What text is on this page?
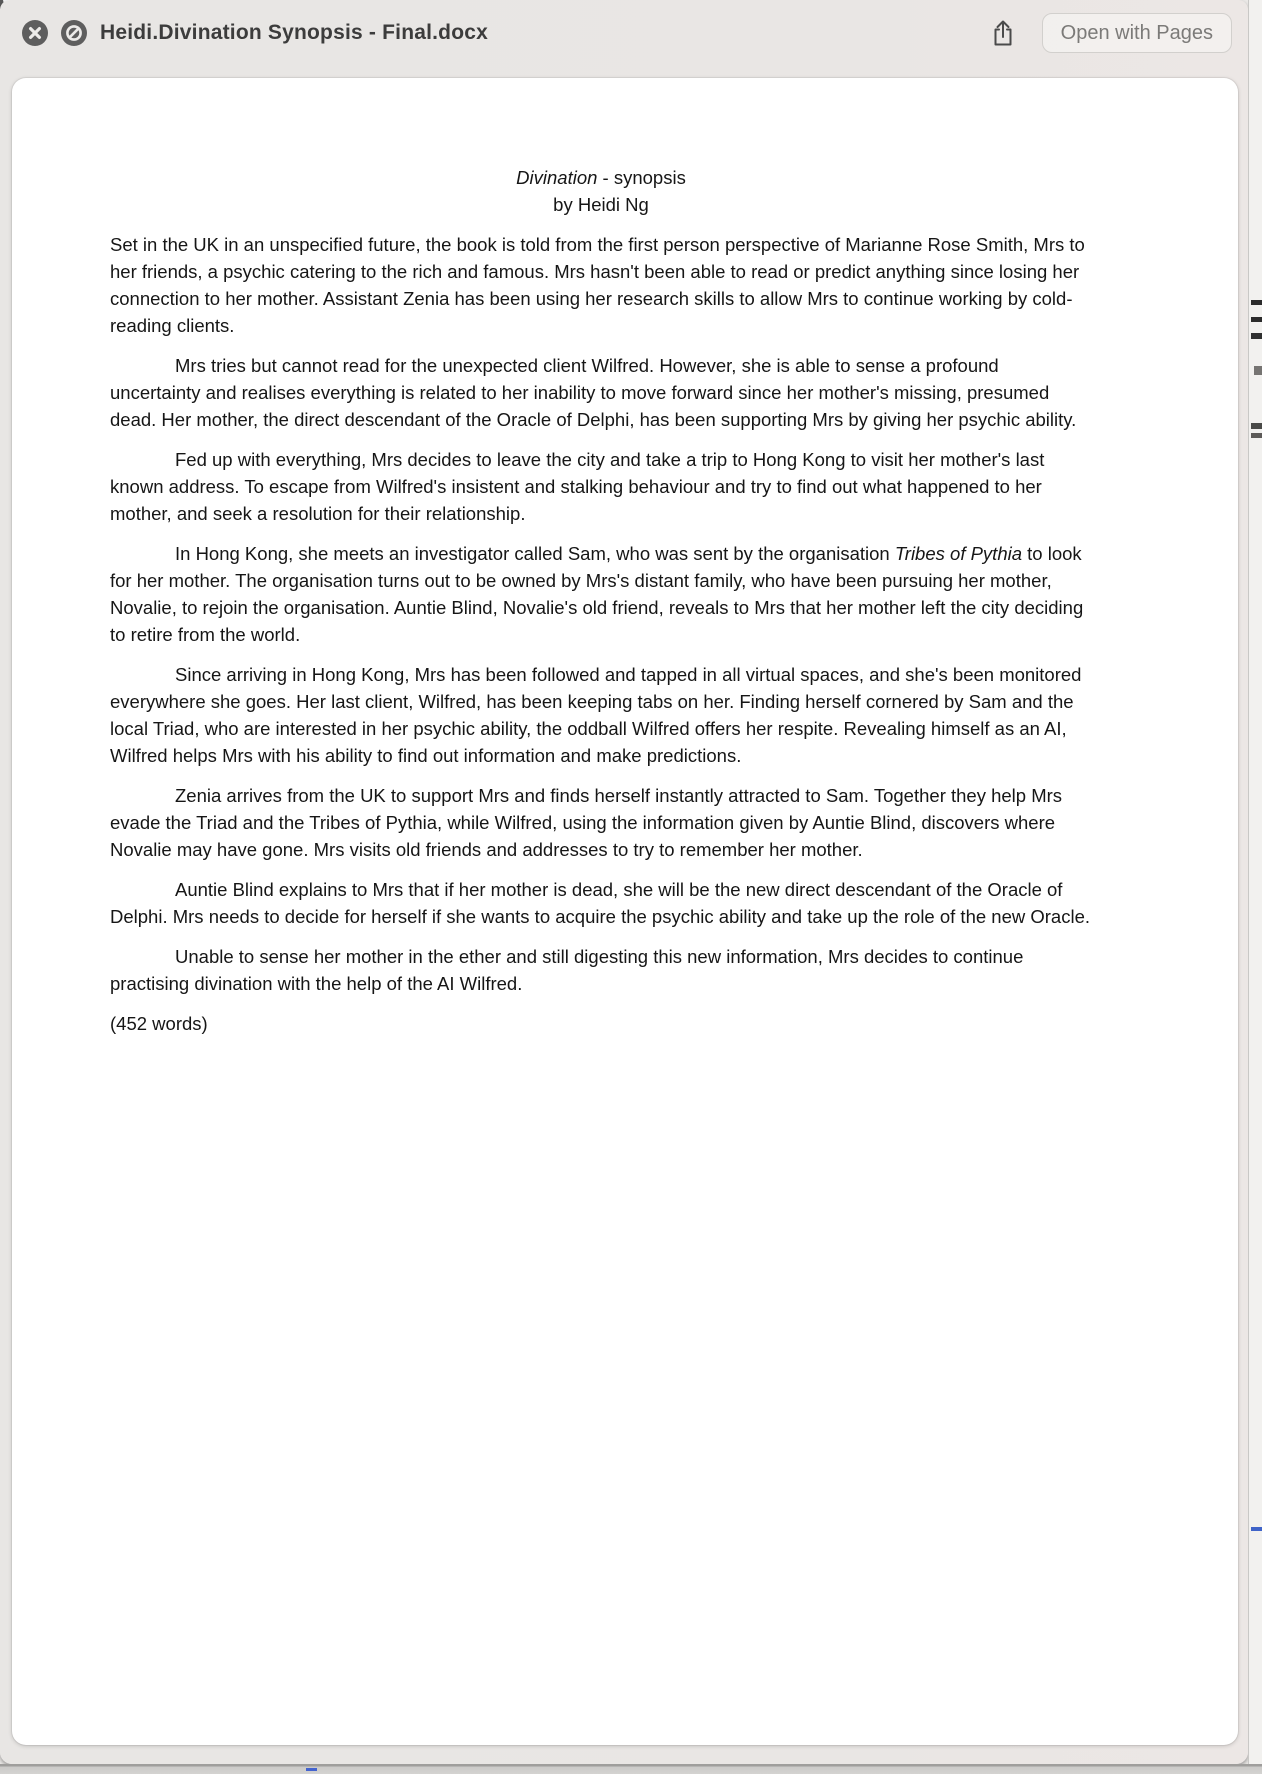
Heidi.Divination Synopsis - Final.docx	Open with Pages
Divination - synopsis
by Heidi Ng
Set in the UK in an unspecified future, the book is told from the first person perspective of Marianne Rose Smith, Mrs to her friends, a psychic catering to the rich and famous. Mrs hasn't been able to read or predict anything since losing her connection to her mother. Assistant Zenia has been using her research skills to allow Mrs to continue working by cold-reading clients.
Mrs tries but cannot read for the unexpected client Wilfred. However, she is able to sense a profound uncertainty and realises everything is related to her inability to move forward since her mother's missing, presumed dead. Her mother, the direct descendant of the Oracle of Delphi, has been supporting Mrs by giving her psychic ability.
Fed up with everything, Mrs decides to leave the city and take a trip to Hong Kong to visit her mother's last known address. To escape from Wilfred's insistent and stalking behaviour and try to find out what happened to her mother, and seek a resolution for their relationship.
In Hong Kong, she meets an investigator called Sam, who was sent by the organisation Tribes of Pythia to look for her mother. The organisation turns out to be owned by Mrs's distant family, who have been pursuing her mother, Novalie, to rejoin the organisation. Auntie Blind, Novalie's old friend, reveals to Mrs that her mother left the city deciding to retire from the world.
Since arriving in Hong Kong, Mrs has been followed and tapped in all virtual spaces, and she's been monitored everywhere she goes. Her last client, Wilfred, has been keeping tabs on her. Finding herself cornered by Sam and the local Triad, who are interested in her psychic ability, the oddball Wilfred offers her respite. Revealing himself as an AI, Wilfred helps Mrs with his ability to find out information and make predictions.
Zenia arrives from the UK to support Mrs and finds herself instantly attracted to Sam. Together they help Mrs evade the Triad and the Tribes of Pythia, while Wilfred, using the information given by Auntie Blind, discovers where Novalie may have gone. Mrs visits old friends and addresses to try to remember her mother.
Auntie Blind explains to Mrs that if her mother is dead, she will be the new direct descendant of the Oracle of Delphi. Mrs needs to decide for herself if she wants to acquire the psychic ability and take up the role of the new Oracle.
Unable to sense her mother in the ether and still digesting this new information, Mrs decides to continue practising divination with the help of the AI Wilfred.
(452 words)
